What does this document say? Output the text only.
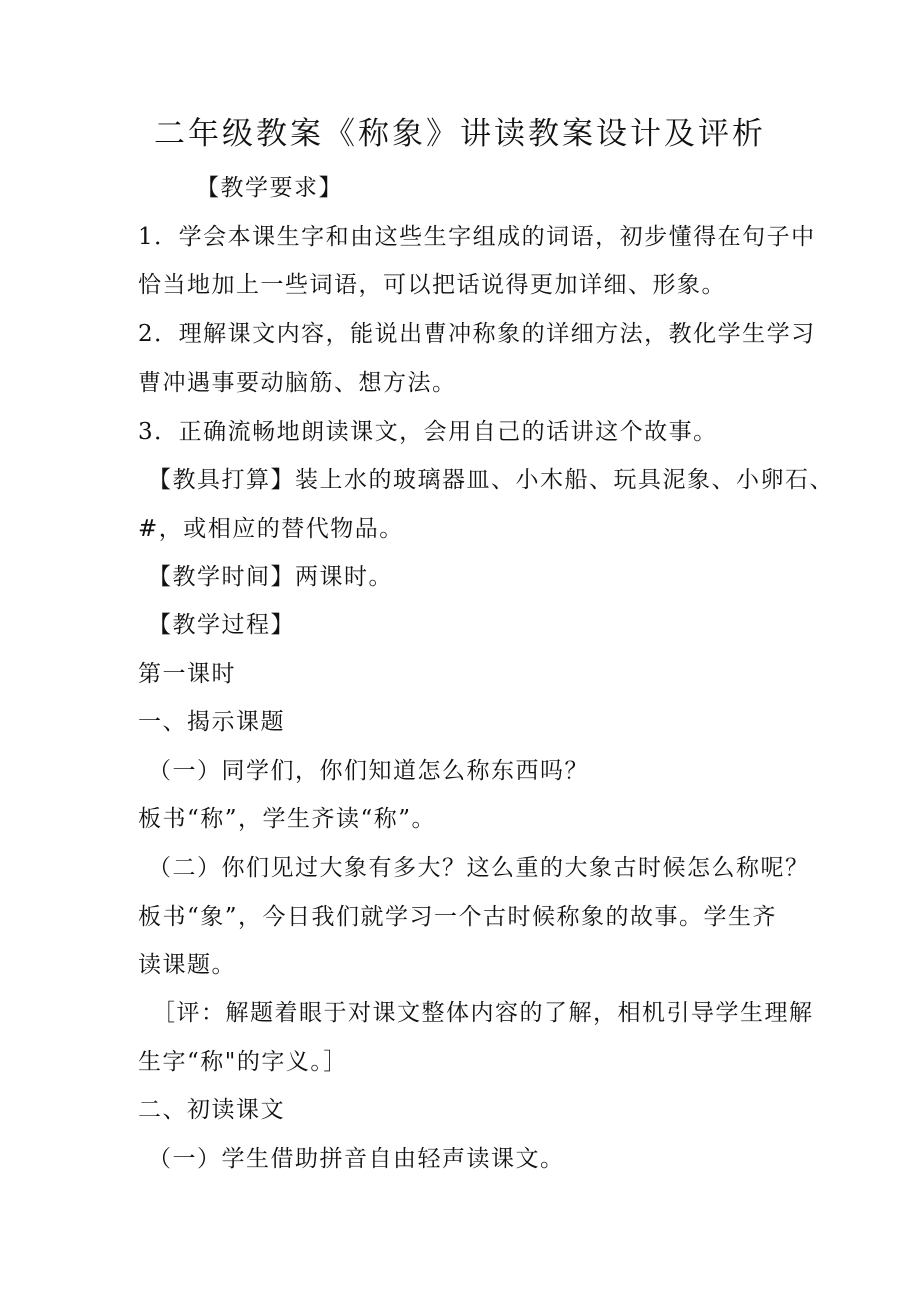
二年级教案《称象》讲读教案设计及评析
【教学要求】
1．学会本课生字和由这些生字组成的词语，初步懂得在句子中
恰当地加上一些词语，可以把话说得更加详细、形象。
2．理解课文内容，能说出曹冲称象的详细方法，教化学生学习
曹冲遇事要动脑筋、想方法。
3．正确流畅地朗读课文，会用自己的话讲这个故事。
【教具打算】装上水的玻璃器皿、小木船、玩具泥象、小卵石、
#，或相应的替代物品。
【教学时间】两课时。
【教学过程】
第一课时
一、揭示课题
（一）同学们，你们知道怎么称东西吗？
板书“称”，学生齐读“称”。
（二）你们见过大象有多大？这么重的大象古时候怎么称呢？
板书“象”，今日我们就学习一个古时候称象的故事。学生齐
读课题。
［评：解题着眼于对课文整体内容的了解，相机引导学生理解
生字“称"的字义。］
二、初读课文
（一）学生借助拼音自由轻声读课文。
